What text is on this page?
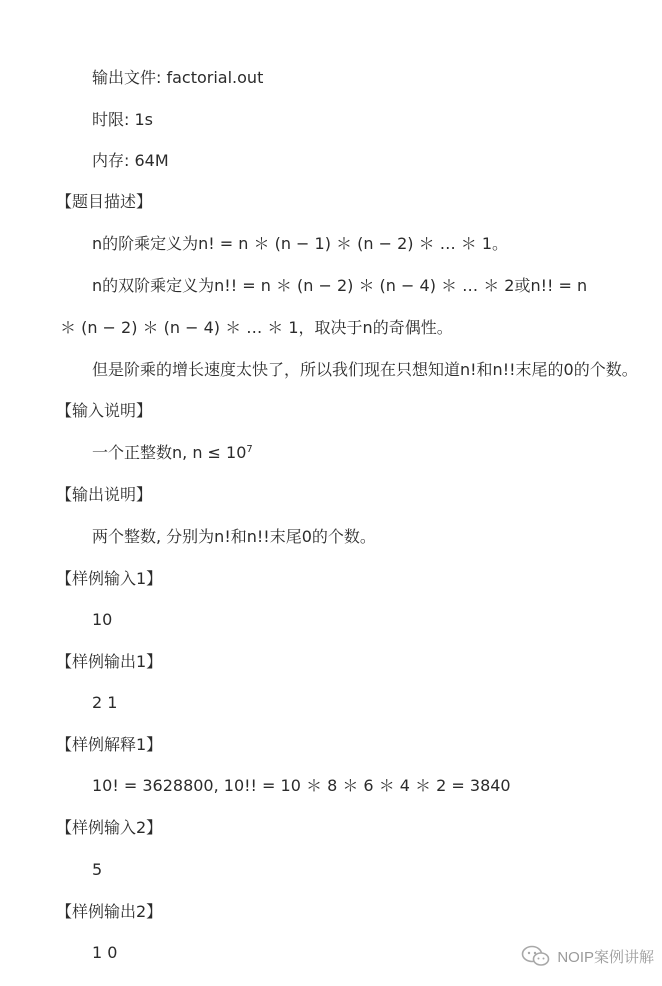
输出文件: factorial.out
时限: 1s
内存: 64M
【题目描述】
n的阶乘定义为n! = n ＊ (n − 1) ＊ (n − 2) ＊ … ＊ 1。
n的双阶乘定义为n!! = n ＊ (n − 2) ＊ (n − 4) ＊ … ＊ 2或n!! = n
＊ (n − 2) ＊ (n − 4) ＊ … ＊ 1，取决于n的奇偶性。
但是阶乘的增长速度太快了，所以我们现在只想知道n!和n!!末尾的0的个数。
【输入说明】
一个正整数n, $n \le 10^7$
【输出说明】
两个整数, 分别为n!和n!!末尾0的个数。
【样例输入1】
10
【样例输出1】
2 1
【样例解释1】
10! = 3628800, 10!! = 10 ＊ 8 ＊ 6 ＊ 4 ＊ 2 = 3840
【样例输入2】
5
【样例输出2】
1 0	NOIP案例讲解
